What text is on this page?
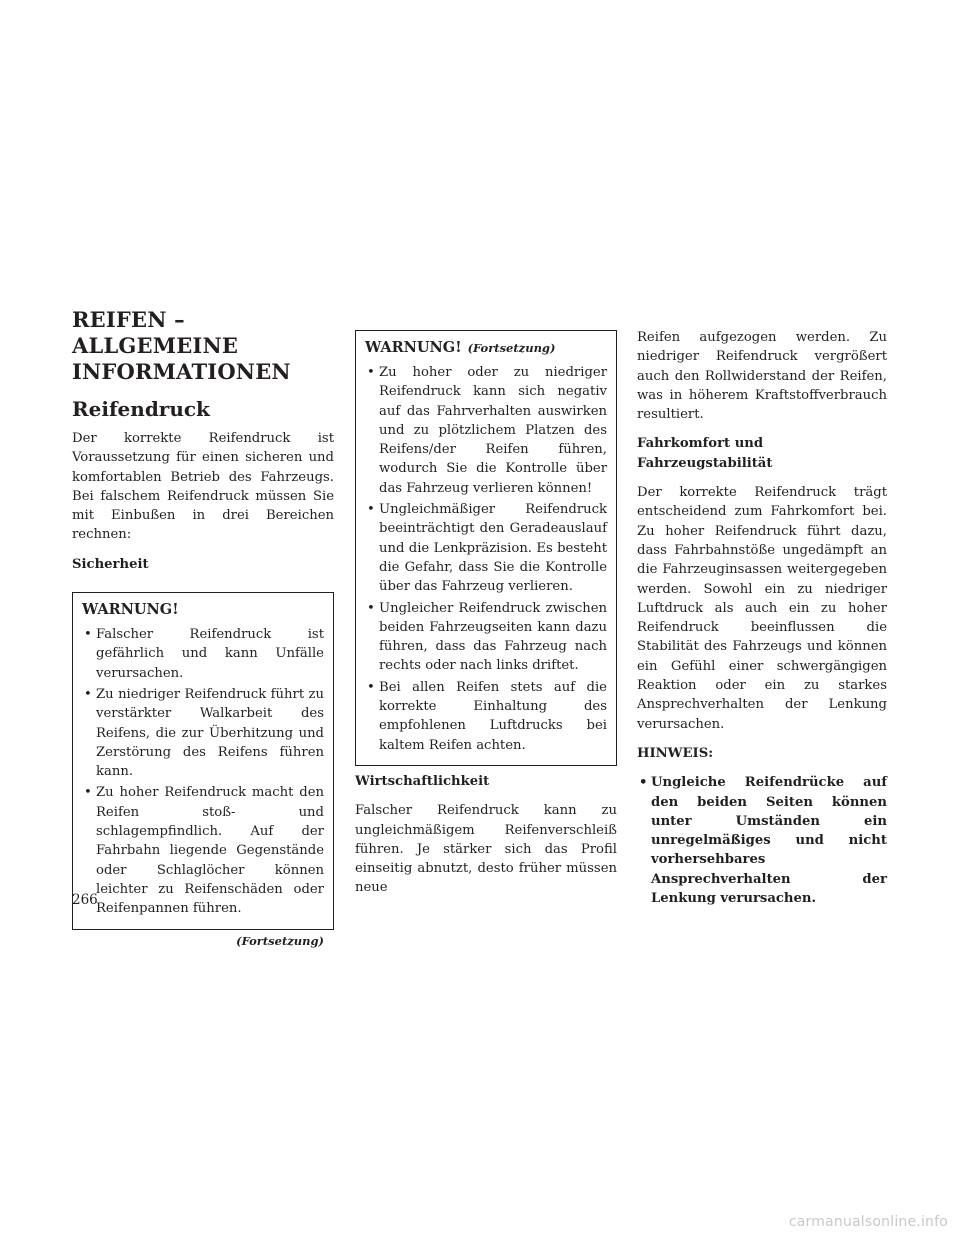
REIFEN – ALLGEMEINE
INFORMATIONEN
Reifendruck

Der korrekte Reifendruck ist Voraussetzung für einen sicheren und komfortablen Betrieb des Fahrzeugs. Bei falschem Reifendruck müssen Sie mit Einbußen in drei Bereichen rechnen:

Sicherheit
WARNUNG!
• Falscher Reifendruck ist gefährlich und kann Unfälle verursachen.
• Zu niedriger Reifendruck führt zu verstärkter Walkarbeit des Reifens, die zur Überhitzung und Zerstörung des Reifens führen kann.
• Zu hoher Reifendruck macht den Reifen stoß- und schlagempfindlich. Auf der Fahrbahn liegende Gegenstände oder Schlaglöcher können leichter zu Reifenschäden oder Reifenpannen führen.
(Fortsetzung)
WARNUNG! (Fortsetzung)
• Zu hoher oder zu niedriger Reifendruck kann sich negativ auf das Fahrverhalten auswirken und zu plötzlichem Platzen des Reifens/der Reifen führen, wodurch Sie die Kontrolle über das Fahrzeug verlieren können!
• Ungleichmäßiger Reifendruck beeinträchtigt den Geradeauslauf und die Lenkpräzision. Es besteht die Gefahr, dass Sie die Kontrolle über das Fahrzeug verlieren.
• Ungleicher Reifendruck zwischen beiden Fahrzeugseiten kann dazu führen, dass das Fahrzeug nach rechts oder nach links driftet.
• Bei allen Reifen stets auf die korrekte Einhaltung des empfohlenen Luftdrucks bei kaltem Reifen achten.
Wirtschaftlichkeit

Falscher Reifendruck kann zu ungleichmäßigem Reifenverschleiß führen. Je stärker sich das Profil einseitig abnutzt, desto früher müssen neue

Reifen aufgezogen werden. Zu niedriger Reifendruck vergrößert auch den Rollwiderstand der Reifen, was in höherem Kraftstoffverbrauch resultiert.

Fahrkomfort und
Fahrzeugstabilität

Der korrekte Reifendruck trägt entscheidend zum Fahrkomfort bei. Zu hoher Reifendruck führt dazu, dass Fahrbahnstöße ungedämpft an die Fahrzeuginsassen weitergegeben werden. Sowohl ein zu niedriger Luftdruck als auch ein zu hoher Reifendruck beeinflussen die Stabilität des Fahrzeugs und können ein Gefühl einer schwergängigen Reaktion oder ein zu starkes Ansprechverhalten der Lenkung verursachen.

HINWEIS:
• Ungleiche Reifendrücke auf den beiden Seiten können unter Umständen ein unregelmäßiges und nicht vorhersehbares Ansprechverhalten der Lenkung verursachen.
266
carmanualsonline.info
